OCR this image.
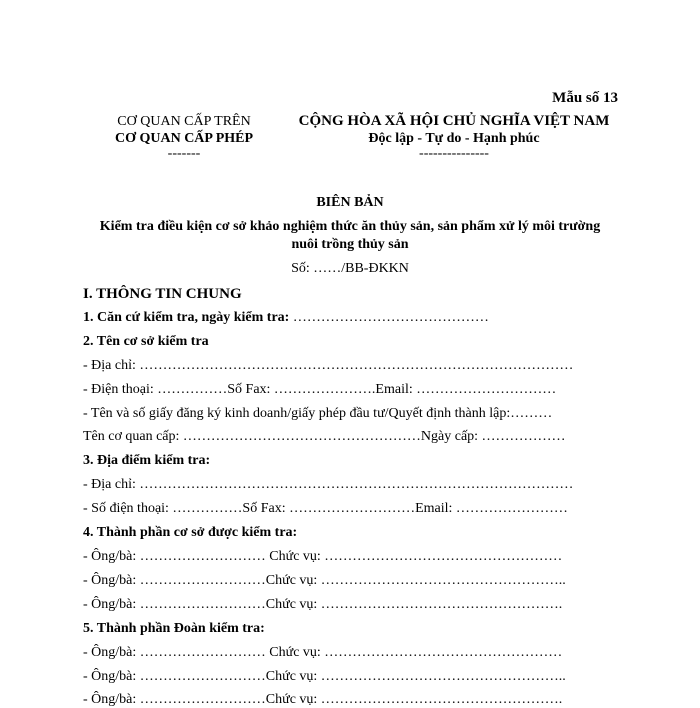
Mẫu số 13
CƠ QUAN CẤP TRÊN
CƠ QUAN CẤP PHÉP
-------
CỘNG HÒA XÃ HỘI CHỦ NGHĨA VIỆT NAM
Độc lập - Tự do - Hạnh phúc
---------------
BIÊN BẢN
Kiểm tra điều kiện cơ sở khảo nghiệm thức ăn thủy sản, sản phẩm xử lý môi trường
nuôi trồng thủy sản
Số: ……/BB-ĐKKN
I. THÔNG TIN CHUNG
1. Căn cứ kiểm tra, ngày kiểm tra: ……………………………………
2. Tên cơ sở kiểm tra
- Địa chỉ: …………………………………………………………………………………
- Điện thoại: ……………Số Fax: ………………….Email: …………………………
- Tên và số giấy đăng ký kinh doanh/giấy phép đầu tư/Quyết định thành lập:………
Tên cơ quan cấp: ……………………………………………Ngày cấp: ………………
3. Địa điểm kiểm tra:
- Địa chỉ: …………………………………………………………………………………
- Số điện thoại: ……………Số Fax: ………………………Email: ……………………
4. Thành phần cơ sở được kiểm tra:
- Ông/bà: ……………………… Chức vụ: ……………………………………………
- Ông/bà: ………………………Chức vụ: ……………………………………………..
- Ông/bà: ………………………Chức vụ: …………………………………………….
5. Thành phần Đoàn kiểm tra:
- Ông/bà: ……………………… Chức vụ: ……………………………………………
- Ông/bà: ………………………Chức vụ: ……………………………………………..
- Ông/bà: ………………………Chức vụ: …………………………………………….
